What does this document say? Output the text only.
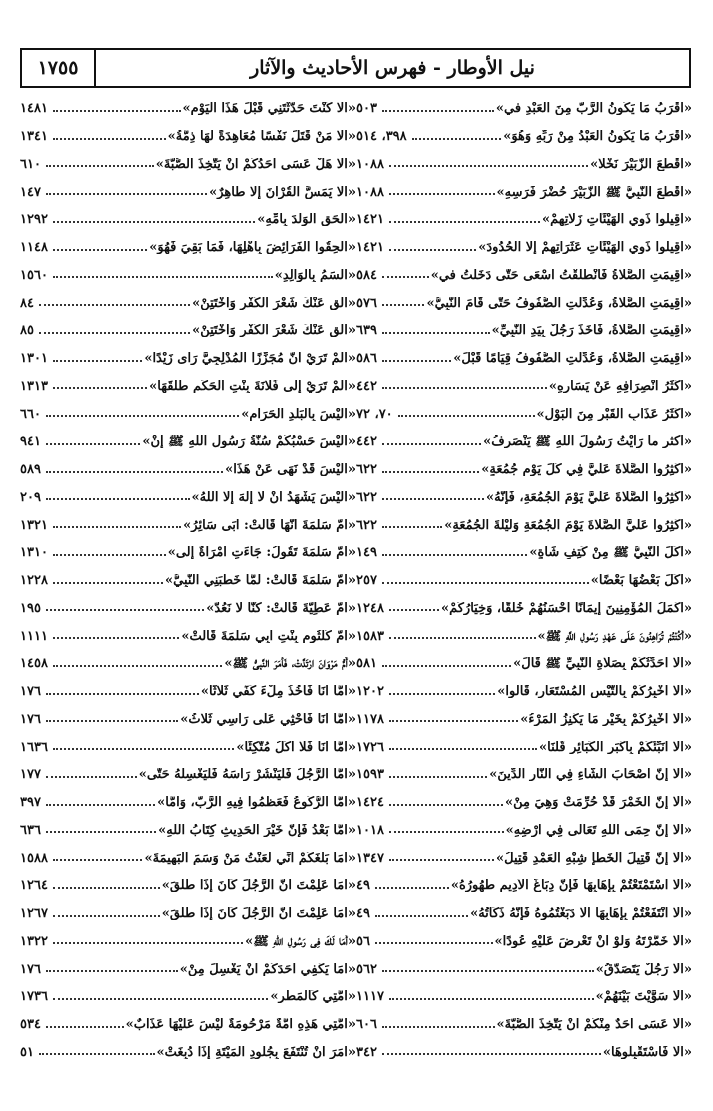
١٧٥٥	نيل الأوطار - فهرس الأحاديث والآثار
١٤٨١	«ألا كُنْتَ حَدَّثْتَنِي قَبْلَ هَذَا الْيَوْمِ»
١٣٤١	«ألا مَنْ قَتَلَ نَفْسًا مُعَاهِدَةً لَهَا ذِمَّةُ»
٦١٠	«ألا هَلْ عَسَى أَحَدُكُمْ أَنْ يَتَّخِذَ الصُّبَّةَ»
١٤٧	«ألا يَمَسَّ الْقُرْآنَ إلا طَاهِرٌ»
١٢٩٢	«الْحَقِ الْوَلَدَ بِأُمِّهِ»
١١٤٨	«الْحِقُوا الْفَرَائِضَ بِأَهْلِهَا، فَمَا بَقِيَ فَهُوَ»
١٥٦٠	«أَلْسَمُ بِالْوَالِدِ»
٨٤	«أَلْقِ عَنْكَ شَعْرَ الْكُفْرِ وَاخْتَتِنْ»
٨٥	«أَلْقِ عَنْكَ شَعْرَ الْكُفْرِ وَاخْتَتِنْ»
١٣٠١	«أَلَمْ تَرَيْ أَنَّ مُجَزِّزًا الْمُدْلِجِيَّ رَأَى زَيْدًا»
١٣١٣	«أَلَمْ تَرَيْ إِلَى فُلانَةَ بِنْتِ الْحَكَمِ طَلَّقَهَا»
٦٦٠	«أَلَيْسَ بِالْبَلَدِ الْحَرَامِ»
٩٤١	«أَلَيْسَ حَسْبُكُمْ سُنَّةُ رَسُولِ اللَّهِ ﷺ إِنْ»
٥٨٩	«أَلَيْسَ قَدْ نَهَى عَنْ هَذَا»
٢٠٩	«أَلَيْسَ يَشْهَدُ أَنْ لا إِلَهَ إلا اللَّهُ»
١٣٢١	«أُمُّ سَلَمَةَ أَنَّهَا قَالَتْ: أَبَى سَائِرُ»
١٣١٠	«أُمُّ سَلَمَةَ تَقُولُ: جَاءَتِ امْرَأَةٌ إِلَى»
١٢٢٨	«أُمُّ سَلَمَةَ قَالَتْ: لَمَّا خَطَبَنِي النَّبِيُّ»
١٩٥	«أُمُّ عَطِيَّةَ قَالَتْ: كُنَّا لا نَعُدُّ»
١١١١	«أُمُّ كُلْثُومٍ بِنْتِ أَبِي سَلَمَةَ قَالَتْ»
١٤٥٨	«أُمُّ مَرْوَانَ ارْتَدَّتْ، فَأَمَرَ النَّبِيُّ ﷺ»
١٧٦	«أَمَّا أَنَا فَآخُذُ مِلْءَ كَفِّي ثَلاثًا»
١٧٦	«أَمَّا أَنَا فَأَحْثِي عَلَى رَأْسِي ثَلاثُ»
١٦٣٦	«أَمَّا أَنَا فَلا آكُلُ مُتَّكِئًا»
١٧٧	«أَمَّا الرَّجُلُ فَلْيَنْشُرْ رَأْسَهُ فَلْيَغْسِلْهُ حَتَّى»
٣٩٧	«أَمَّا الرُّكُوعُ فَعَظِّمُوا فِيهِ الرَّبَّ، وَأَمَّا»
٦٣٦	«أَمَّا بَعْدُ فَإِنَّ خَيْرَ الْحَدِيثِ كِتَابُ اللَّهِ»
١٥٨٨	«أَمَا بَلَغَكُمْ أَنِّي لَعَنْتُ مَنْ وَسَمَ الْبَهِيمَةَ»
١٢٦٤	«أَمَا عَلِمْتَ أَنَّ الرَّجُلَ كَانَ إِذَا طَلَّقَ»
١٢٦٧	«أَمَا عَلِمْتَ أَنَّ الرَّجُلَ كَانَ إِذَا طَلَّقَ»
١٣٢٢	«أَمَا لَكَ فِي رَسُولِ اللهِ ﷺ»
١٧٦	«أَمَا يَكْفِي أَحَدَكُمْ أَنْ يَغْسِلَ مِنْ»
١٧٣٦	«أُمَّتِي كَالْمَطَرِ»
٥٣٤	«أُمَّتِي هَذِهِ أُمَّةٌ مَرْحُومَةٌ لَيْسَ عَلَيْهَا عَذَابٌ»
٥١	«أَمَرَ أَنْ تُنْتَفَعَ بِجُلُودِ الْمَيْتَةِ إِذَا دُبِغَتْ»
٥٠٣	«أقْرَبُ مَا يَكُونُ الرَّبُّ مِنَ الْعَبْدِ في»
٣٩٨، ٥١٤	«أقْرَبُ مَا يَكُونُ الْعَبْدُ مِنْ رَبِّهِ وَهُوَ»
١٠٨٨	«أَقْطَعَ الزُّبَيْرَ نَخْلًا»
١٠٨٨	«أَقْطَعَ النَّبِيُّ ﷺ الزُّبَيْرَ حُضْرَ فَرَسِهِ»
١٤٢١	«أَقِيلُوا ذَوِي الْهَيْئَاتِ زَلَّاتِهِمْ»
١٤٢١	«أَقِيلُوا ذَوِي الْهَيْئَاتِ عَثَرَاتِهِمْ إلا الْحُدُودَ»
٥٨٤	«أُقِيمَتِ الصَّلاةُ فَانْطَلَقْتُ أَسْعَى حَتَّى دَخَلْتُ في»
٥٧٦	«أُقِيمَتِ الصَّلاةُ، وَعُدِّلَتِ الصُّفُوفُ حَتَّى قَامَ النَّبِيُّ»
٦٣٩	«أُقِيمَتِ الصَّلاةُ، فَأَخَذَ رَجُلٌ بِيَدِ النَّبِيِّ»
٥٨٦	«أُقِيمَتِ الصَّلاةُ، وَعُدِّلَتِ الصُّفُوفُ قِيَامًا قَبْلَ»
٤٤٢	«أَكْثَرُ انْصِرَافِهِ عَنْ يَسَارِهِ»
٧٠، ٧٢	«أَكْثَرُ عَذَابِ الْقَبْرِ مِنَ الْبَوْلِ»
٤٤٢	«اكثر ما رَأَيْتُ رَسُولَ اللَّهِ ﷺ يَنْصَرِفُ»
٦٢٢	«أَكْثِرُوا الصَّلاةَ عَلَيَّ فِي كُلِّ يَوْمِ جُمُعَةٍ»
٦٢٢	«أَكْثِرُوا الصَّلاةَ عَلَيَّ يَوْمَ الْجُمُعَةِ، فَإِنَّهُ»
٦٢٢	«أَكْثِرُوا عَلَيَّ الصَّلاةَ يَوْمَ الْجُمُعَةِ وَلَيْلَةَ الْجُمُعَةِ»
١٤٩	«أَكَلَ النَّبِيُّ ﷺ مِنْ كَتِفِ شَاةٍ»
٢٥٧	«أَكَلَ بَعْضُهَا بَعْضًا»
١٢٤٨	«أَكْمَلُ الْمُؤْمِنِينَ إِيمَانًا أَحْسَنُهُمْ خُلُقًا، وَخِيَارُكُمْ»
١٥٨٣	«أَكُنْتُمْ تُرَاهِنُونَ عَلَى عَهْدِ رَسُولِ اللَّهِ ﷺ»
٥٨١	«ألا أُحَدِّثُكُمْ بِصَلاةِ النَّبِيِّ ﷺ قَالَ»
١٢٠٢	«ألا أُخْبِرُكُمْ بِالتَّيْسِ الْمُسْتَعَارِ، قَالُوا»
١١٧٨	«ألا أُخْبِرُكُمْ بِخَيْرِ مَا يَكْنِزُ الْمَرْءُ»
١٧٢٦	«ألا أُنَبِّئُكُمْ بِأَكْبَرِ الْكَبَائِرِ قُلْنَا»
١٥٩٣	«ألا إِنَّ أَصْحَابَ الشَّاءِ فِي النَّارِ الدِّينَ»
١٤٢٤	«ألا إِنَّ الْخَمْرَ قَدْ حُرِّمَتْ وَهِيَ مِنْ»
١٠١٨	«ألا إِنَّ حِمَى اللَّهِ تَعَالَى فِي أَرْضِهِ»
١٣٤٧	«ألا إِنَّ قَتِيلَ الْخَطَإِ شِبْهِ الْعَمْدِ قَتِيلُ»
٤٩	«ألا اسْتَمْتَعْتُمْ بِإِهَابِهَا فَإِنَّ دِبَاغَ الأَدِيمِ طَهُورُهُ»
٤٩	«ألا انْتَفَعْتُمْ بِإِهَابِهَا ألا دَبَغْتُمُوهُ فَإِنَّهُ ذَكَاتُهُ»
٥٦	«ألا خَمَّرْتَهُ وَلَوْ أَنْ تَعْرِضَ عَلَيْهِ عُودًا»
٥٦٢	«ألا رَجُلٌ يَتَصَدَّقُ»
١١١٧	«ألا سَوَّيْتَ بَيْنَهُمْ»
٦٠٦	«ألا عَسَى أَحَدٌ مِنْكُمْ أَنْ يَتَّخِذَ الصُّبَّةَ»
٣٤٢	«ألا فَاسْتَقْبِلُوهَا»
